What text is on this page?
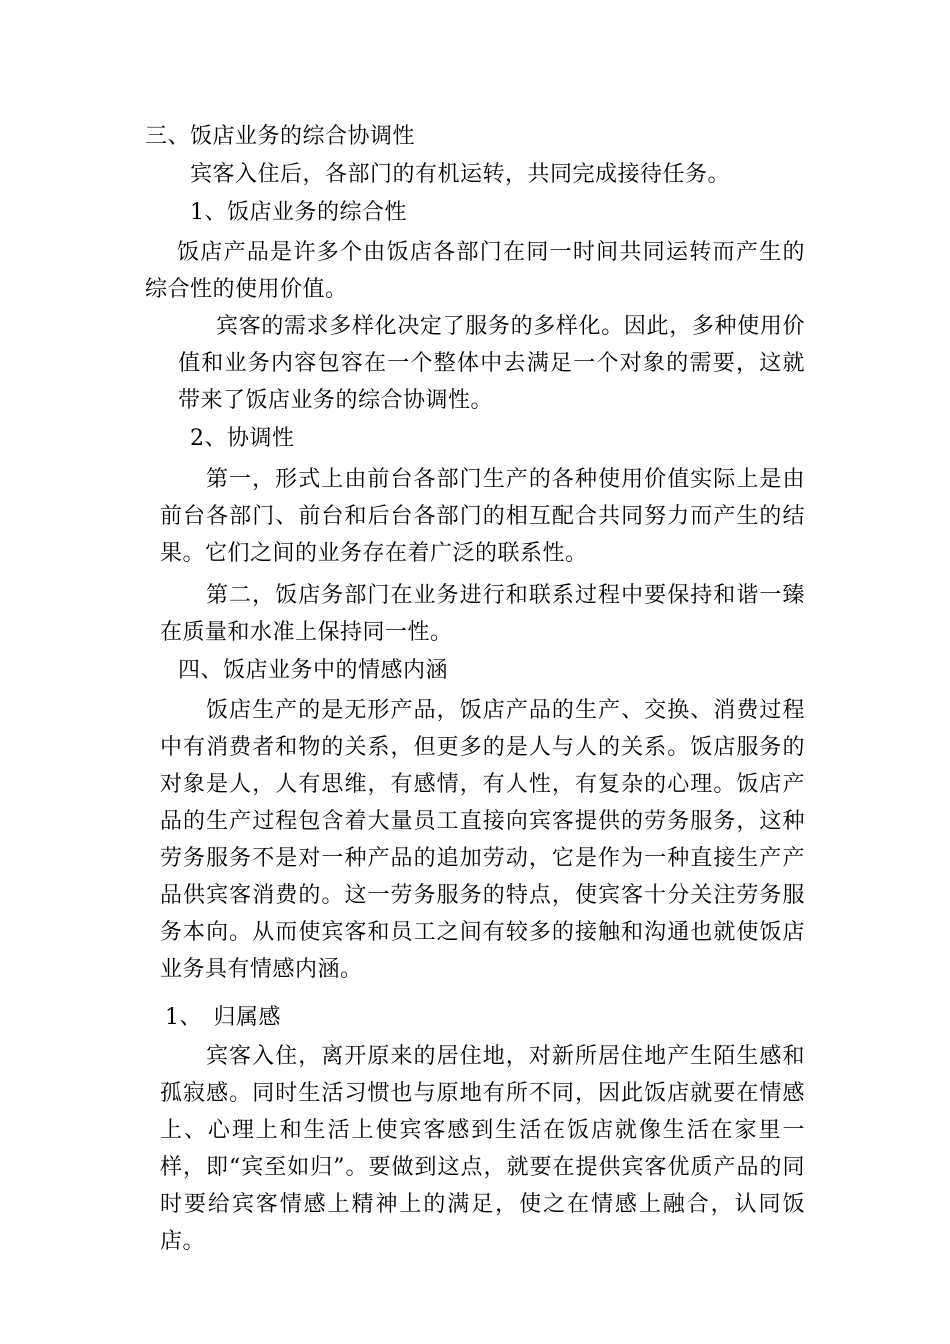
三、饭店业务的综合协调性
宾客入住后，各部门的有机运转，共同完成接待任务。
1、饭店业务的综合性
饭店产品是许多个由饭店各部门在同一时间共同运转而产生的综合性的使用价值。
宾客的需求多样化决定了服务的多样化。因此，多种使用价值和业务内容包容在一个整体中去满足一个对象的需要，这就带来了饭店业务的综合协调性。
2、协调性
第一，形式上由前台各部门生产的各种使用价值实际上是由前台各部门、前台和后台各部门的相互配合共同努力而产生的结果。它们之间的业务存在着广泛的联系性。
第二，饭店务部门在业务进行和联系过程中要保持和谐一臻在质量和水准上保持同一性。
四、饭店业务中的情感内涵
饭店生产的是无形产品，饭店产品的生产、交换、消费过程中有消费者和物的关系，但更多的是人与人的关系。饭店服务的对象是人，人有思维，有感情，有人性，有复杂的心理。饭店产品的生产过程包含着大量员工直接向宾客提供的劳务服务，这种劳务服务不是对一种产品的追加劳动，它是作为一种直接生产产品供宾客消费的。这一劳务服务的特点，使宾客十分关注劳务服务本向。从而使宾客和员工之间有较多的接触和沟通也就使饭店业务具有情感内涵。
1、　归属感
宾客入住，离开原来的居住地，对新所居住地产生陌生感和孤寂感。同时生活习惯也与原地有所不同，因此饭店就要在情感上、心理上和生活上使宾客感到生活在饭店就像生活在家里一样，即“宾至如归”。要做到这点，就要在提供宾客优质产品的同时要给宾客情感上精神上的满足，使之在情感上融合，认同饭店。
